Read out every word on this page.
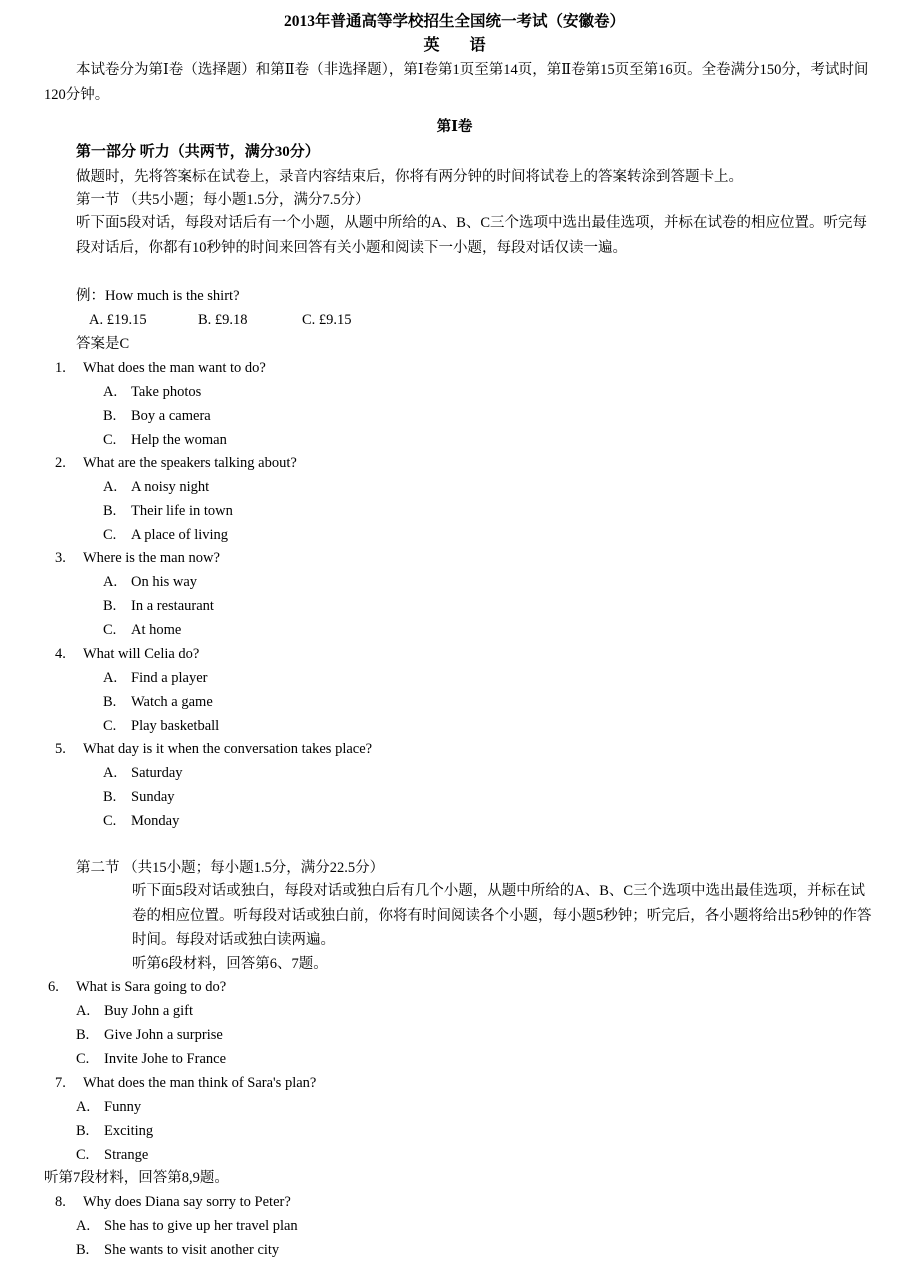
2013年普通高等学校招生全国统一考试（安徽卷）
英 语
本试卷分为第Ⅰ卷（选择题）和第Ⅱ卷（非选择题），第Ⅰ卷第1页至第14页，第Ⅱ卷第15页至第16页。全卷满分150分，考试时间120分钟。
第Ⅰ卷
第一部分 听力（共两节，满分30分）
做题时，先将答案标在试卷上，录音内容结束后，你将有两分钟的时间将试卷上的答案转涂到答题卡上。
第一节 （共5小题；每小题1.5分，满分7.5分）
听下面5段对话，每段对话后有一个小题，从题中所给的A、B、C三个选项中选出最佳选项，并标在试卷的相应位置。听完每段对话后，你都有10秒钟的时间来回答有关小题和阅读下一小题，每段对话仅读一遍。
例：How much is the shirt?
A. £19.15	B. £9.18	C. £9.15
答案是C
1. What does the man want to do?
A. Take photos
B. Boy a camera
C. Help the woman
2. What are the speakers talking about?
A. A noisy night
B. Their life in town
C. A place of living
3. Where is the man now?
A. On his way
B. In a restaurant
C. At home
4. What will Celia do?
A. Find a player
B. Watch a game
C. Play basketball
5. What day is it when the conversation takes place?
A. Saturday
B. Sunday
C. Monday
第二节 （共15小题；每小题1.5分，满分22.5分）
听下面5段对话或独白，每段对话或独白后有几个小题，从题中所给的A、B、C三个选项中选出最佳选项，并标在试卷的相应位置。听每段对话或独白前，你将有时间阅读各个小题，每小题5秒钟；听完后，各小题将给出5秒钟的作答时间。每段对话或独白读两遍。
听第6段材料，回答第6、7题。
6. What is Sara going to do?
A. Buy John a gift
B. Give John a surprise
C. Invite Johe to France
7. What does the man think of Sara's plan?
A. Funny
B. Exciting
C. Strange
8. Why does Diana say sorry to Peter?
A. She has to give up her travel plan
B. She wants to visit another city
听第7段材料，回答第8,9题。
